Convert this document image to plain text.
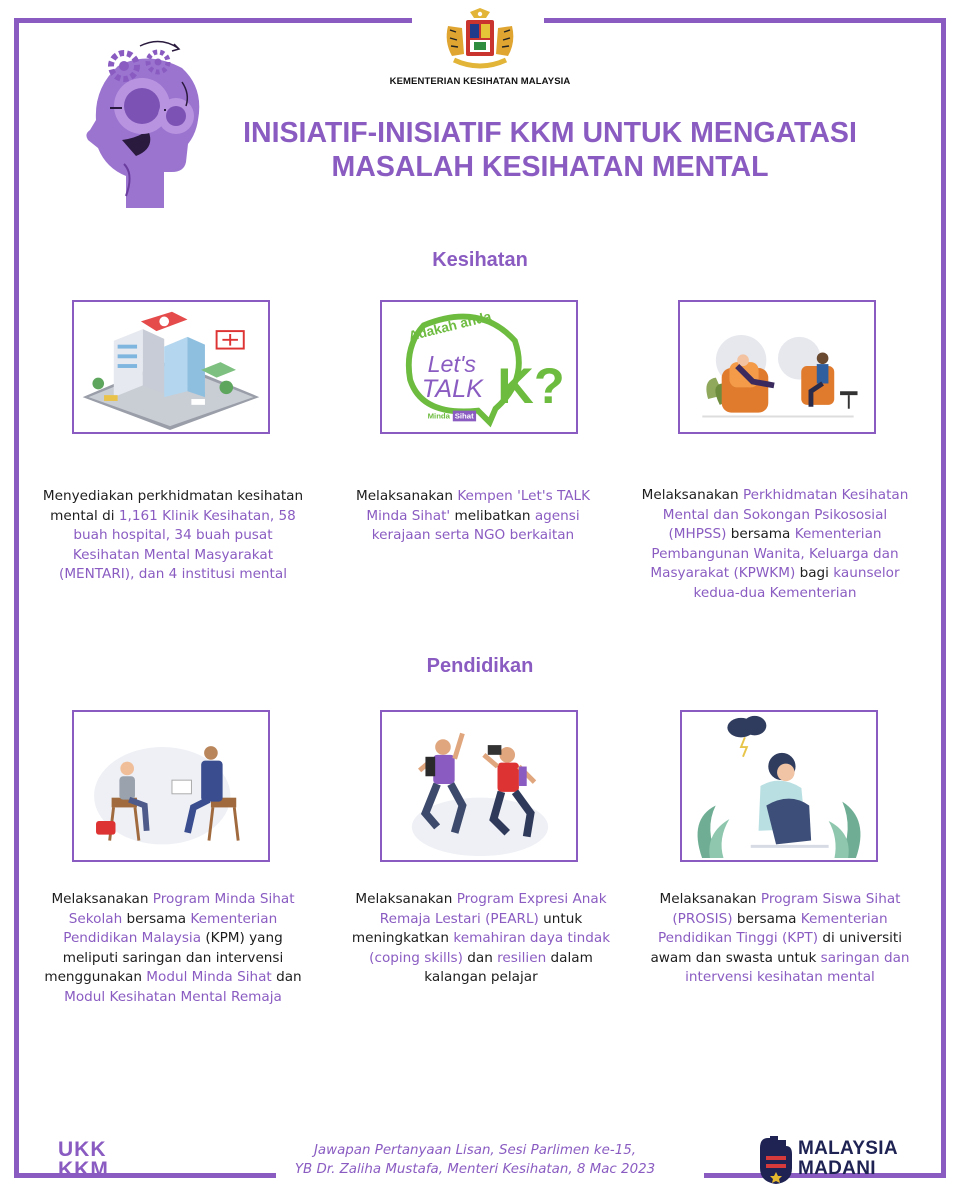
KEMENTERIAN KESIHATAN MALAYSIA
INISIATIF-INISIATIF KKM UNTUK MENGATASI
MASALAH KESIHATAN MENTAL
Kesihatan
Pendidikan
Adakah anda
Let's
TALK K?
Minda Sihat
Menyediakan perkhidmatan kesihatan mental di 1,161 Klinik Kesihatan, 58 buah hospital, 34 buah pusat Kesihatan Mental Masyarakat (MENTARI), dan 4 institusi mental
Melaksanakan Kempen 'Let's TALK Minda Sihat' melibatkan agensi kerajaan serta NGO berkaitan
Melaksanakan Perkhidmatan Kesihatan Mental dan Sokongan Psikososial (MHPSS) bersama Kementerian Pembangunan Wanita, Keluarga dan Masyarakat (KPWKM) bagi kaunselor kedua-dua Kementerian
Melaksanakan Program Minda Sihat Sekolah bersama Kementerian Pendidikan Malaysia (KPM) yang meliputi saringan dan intervensi menggunakan Modul Minda Sihat dan Modul Kesihatan Mental Remaja
Melaksanakan Program Expresi Anak Remaja Lestari (PEARL) untuk meningkatkan kemahiran daya tindak (coping skills) dan resilien dalam kalangan pelajar
Melaksanakan Program Siswa Sihat (PROSIS) bersama Kementerian Pendidikan Tinggi (KPT) di universiti awam dan swasta untuk saringan dan intervensi kesihatan mental
UKK
KKM
Jawapan Pertanyaan Lisan, Sesi Parlimen ke-15,
YB Dr. Zaliha Mustafa, Menteri Kesihatan, 8 Mac 2023
MALAYSIA
MADANI
